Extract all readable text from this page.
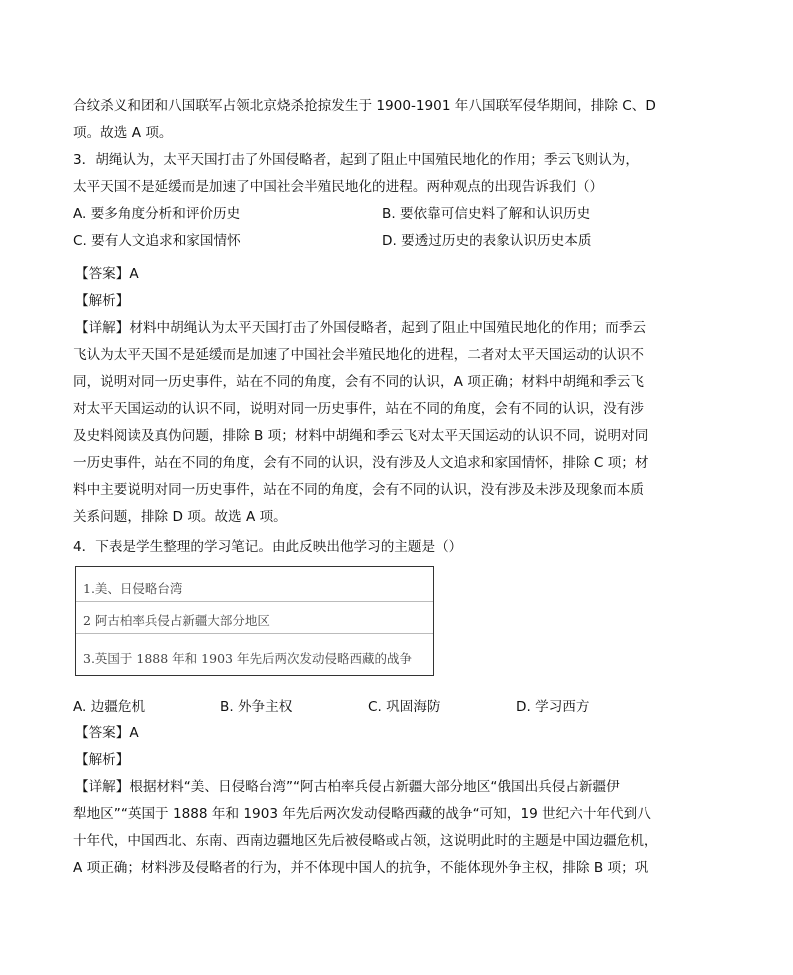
合纹杀义和团和八国联军占领北京烧杀抢掠发生于 1900-1901 年八国联军侵华期间，排除 C、D
项。故选 A 项。
3．胡绳认为，太平天国打击了外国侵略者，起到了阻止中国殖民地化的作用；季云飞则认为，
太平天国不是延缓而是加速了中国社会半殖民地化的进程。两种观点的出现告诉我们（）
A. 要多角度分析和评价历史	B. 要依靠可信史料了解和认识历史
C. 要有人文追求和家国情怀	D. 要透过历史的表象认识历史本质
【答案】A
【解析】
【详解】材料中胡绳认为太平天国打击了外国侵略者，起到了阻止中国殖民地化的作用；而季云
飞认为太平天国不是延缓而是加速了中国社会半殖民地化的进程，二者对太平天国运动的认识不
同，说明对同一历史事件，站在不同的角度，会有不同的认识，A 项正确；材料中胡绳和季云飞
对太平天国运动的认识不同，说明对同一历史事件，站在不同的角度，会有不同的认识，没有涉
及史料阅读及真伪问题，排除 B 项；材料中胡绳和季云飞对太平天国运动的认识不同，说明对同
一历史事件，站在不同的角度，会有不同的认识，没有涉及人文追求和家国情怀，排除 C 项；材
料中主要说明对同一历史事件，站在不同的角度，会有不同的认识，没有涉及未涉及现象而本质
关系问题，排除 D 项。故选 A 项。
4．下表是学生整理的学习笔记。由此反映出他学习的主题是（）
1.美、日侵略台湾
2 阿古柏率兵侵占新疆大部分地区
3.英国于 1888 年和 1903 年先后两次发动侵略西藏的战争
A. 边疆危机	B. 外争主权	C. 巩固海防	D. 学习西方
【答案】A
【解析】
【详解】根据材料“美、日侵略台湾”“阿古柏率兵侵占新疆大部分地区“俄国出兵侵占新疆伊
犁地区”“英国于 1888 年和 1903 年先后两次发动侵略西藏的战争“可知，19 世纪六十年代到八
十年代，中国西北、东南、西南边疆地区先后被侵略或占领，这说明此时的主题是中国边疆危机，
A 项正确；材料涉及侵略者的行为，并不体现中国人的抗争，不能体现外争主权，排除 B 项；巩
